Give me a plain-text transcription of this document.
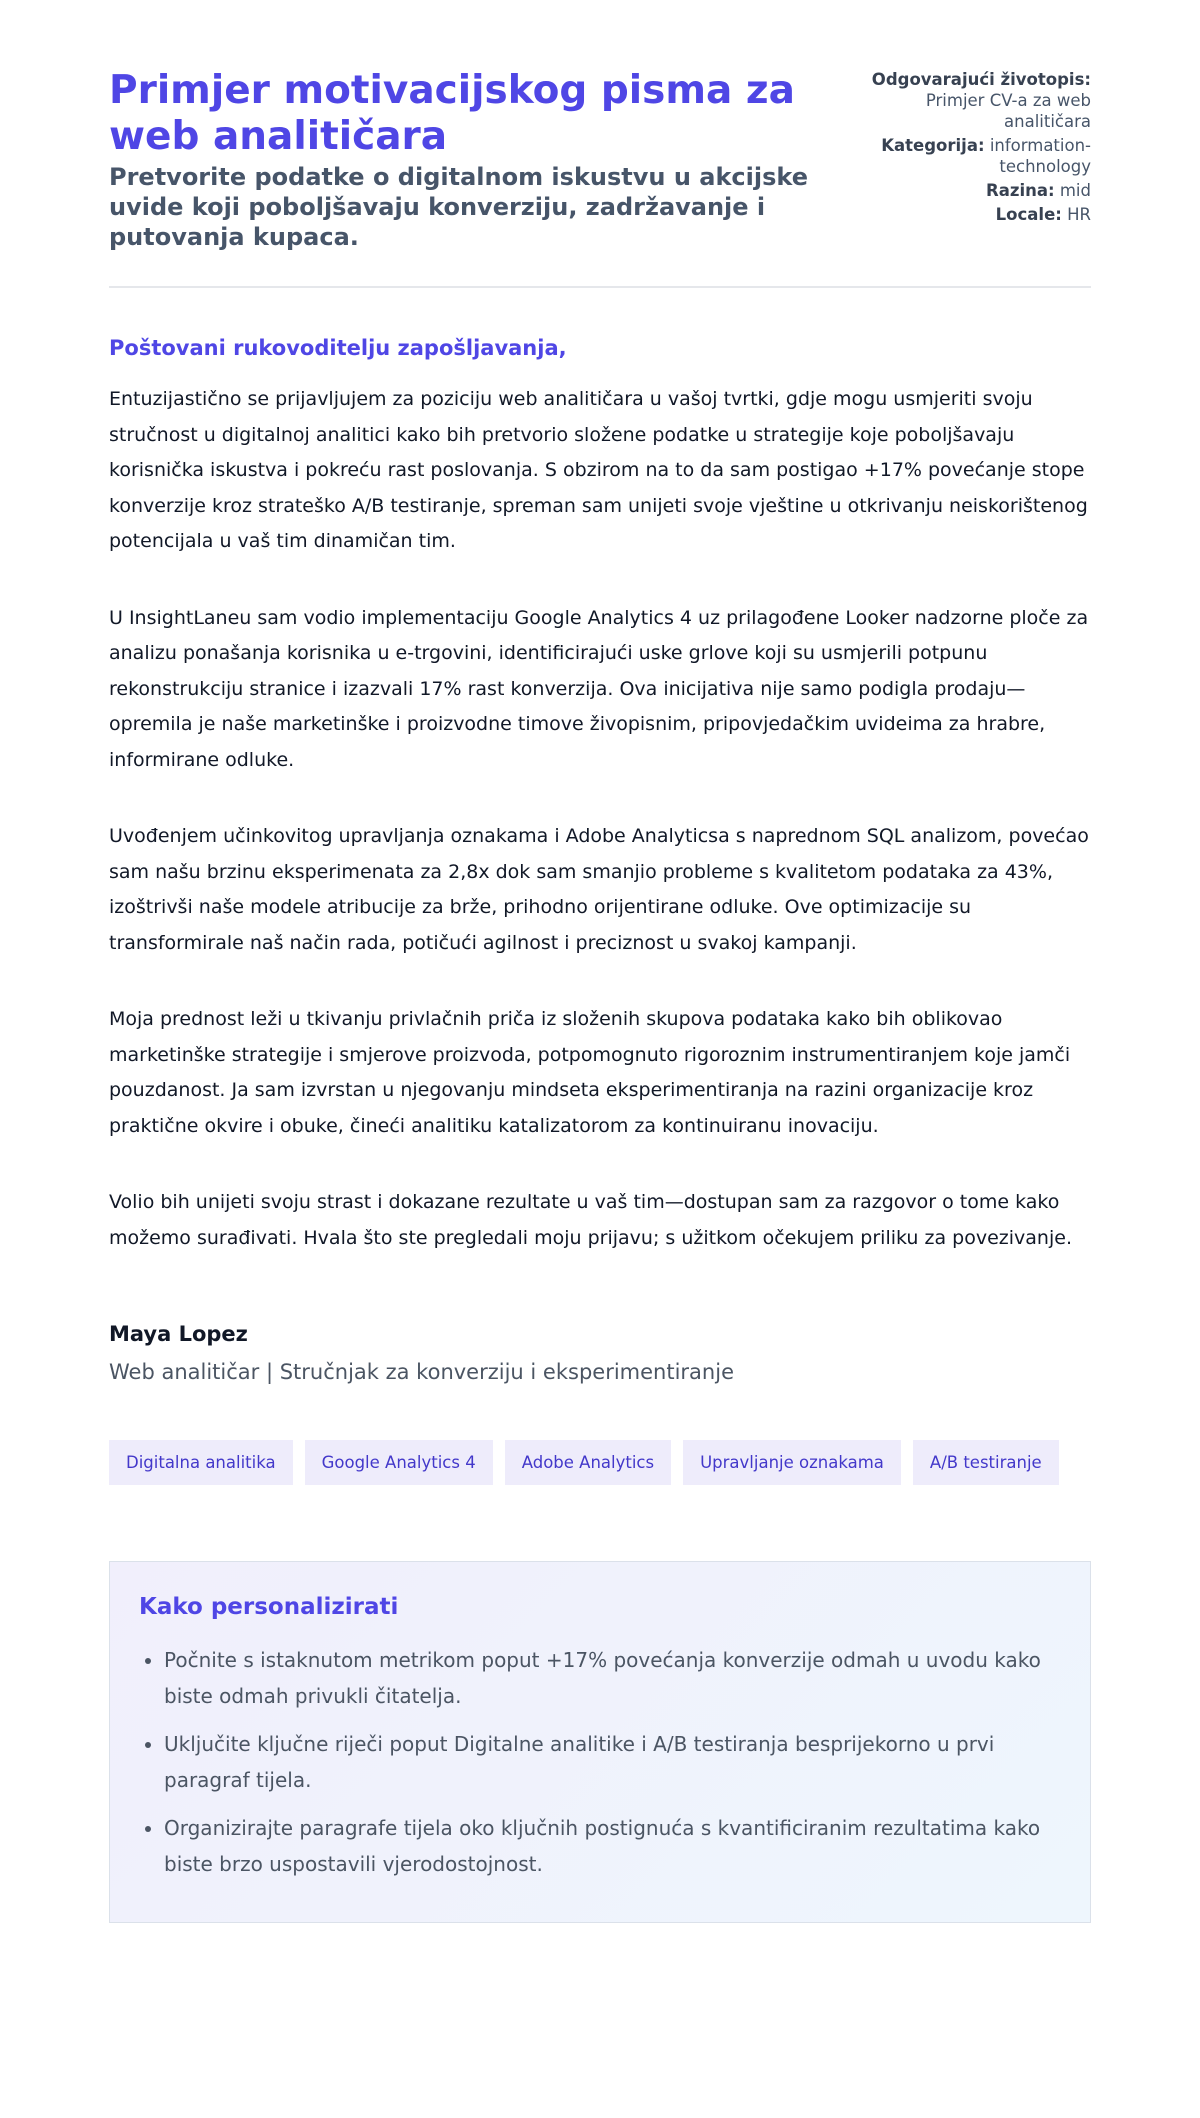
Primjer motivacijskog pisma za web analitičara
Pretvorite podatke o digitalnom iskustvu u akcijske uvide koji poboljšavaju konverziju, zadržavanje i putovanja kupaca.
Odgovarajući životopis: Primjer CV-a za web analitičara
Kategorija: information-technology
Razina: mid
Locale: HR
Poštovani rukovoditelju zapošljavanja,

Entuzijastično se prijavljujem za poziciju web analitičara u vašoj tvrtki, gdje mogu usmjeriti svoju stručnost u digitalnoj analitici kako bih pretvorio složene podatke u strategije koje poboljšavaju korisnička iskustva i pokreću rast poslovanja. S obzirom na to da sam postigao +17% povećanje stope konverzije kroz strateško A/B testiranje, spreman sam unijeti svoje vještine u otkrivanju neiskorištenog potencijala u vaš tim dinamičan tim.

U InsightLaneu sam vodio implementaciju Google Analytics 4 uz prilagođene Looker nadzorne ploče za analizu ponašanja korisnika u e-trgovini, identificirajući uske grlove koji su usmjerili potpunu rekonstrukciju stranice i izazvali 17% rast konverzija. Ova inicijativa nije samo podigla prodaju—opremila je naše marketinške i proizvodne timove živopisnim, pripovjedačkim uvideima za hrabre, informirane odluke.

Uvođenjem učinkovitog upravljanja oznakama i Adobe Analyticsa s naprednom SQL analizom, povećao sam našu brzinu eksperimenata za 2,8x dok sam smanjio probleme s kvalitetom podataka za 43%, izoštrivši naše modele atribucije za brže, prihodno orijentirane odluke. Ove optimizacije su transformirale naš način rada, potičući agilnost i preciznost u svakoj kampanji.

Moja prednost leži u tkivanju privlačnih priča iz složenih skupova podataka kako bih oblikovao marketinške strategije i smjerove proizvoda, potpomognuto rigoroznim instrumentiranjem koje jamči pouzdanost. Ja sam izvrstan u njegovanju mindseta eksperimentiranja na razini organizacije kroz praktične okvire i obuke, čineći analitiku katalizatorom za kontinuiranu inovaciju.

Volio bih unijeti svoju strast i dokazane rezultate u vaš tim—dostupan sam za razgovor o tome kako možemo surađivati. Hvala što ste pregledali moju prijavu; s užitkom očekujem priliku za povezivanje.

Maya Lopez
Web analitičar | Stručnjak za konverziju i eksperimentiranje
Digitalna analitika	Google Analytics 4	Adobe Analytics	Upravljanje oznakama	A/B testiranje
Kako personalizirati
• Počnite s istaknutom metrikom poput +17% povećanja konverzije odmah u uvodu kako biste odmah privukli čitatelja.
• Uključite ključne riječi poput Digitalne analitike i A/B testiranja besprijekorno u prvi paragraf tijela.
• Organizirajte paragrafe tijela oko ključnih postignuća s kvantificiranim rezultatima kako biste brzo uspostavili vjerodostojnost.
